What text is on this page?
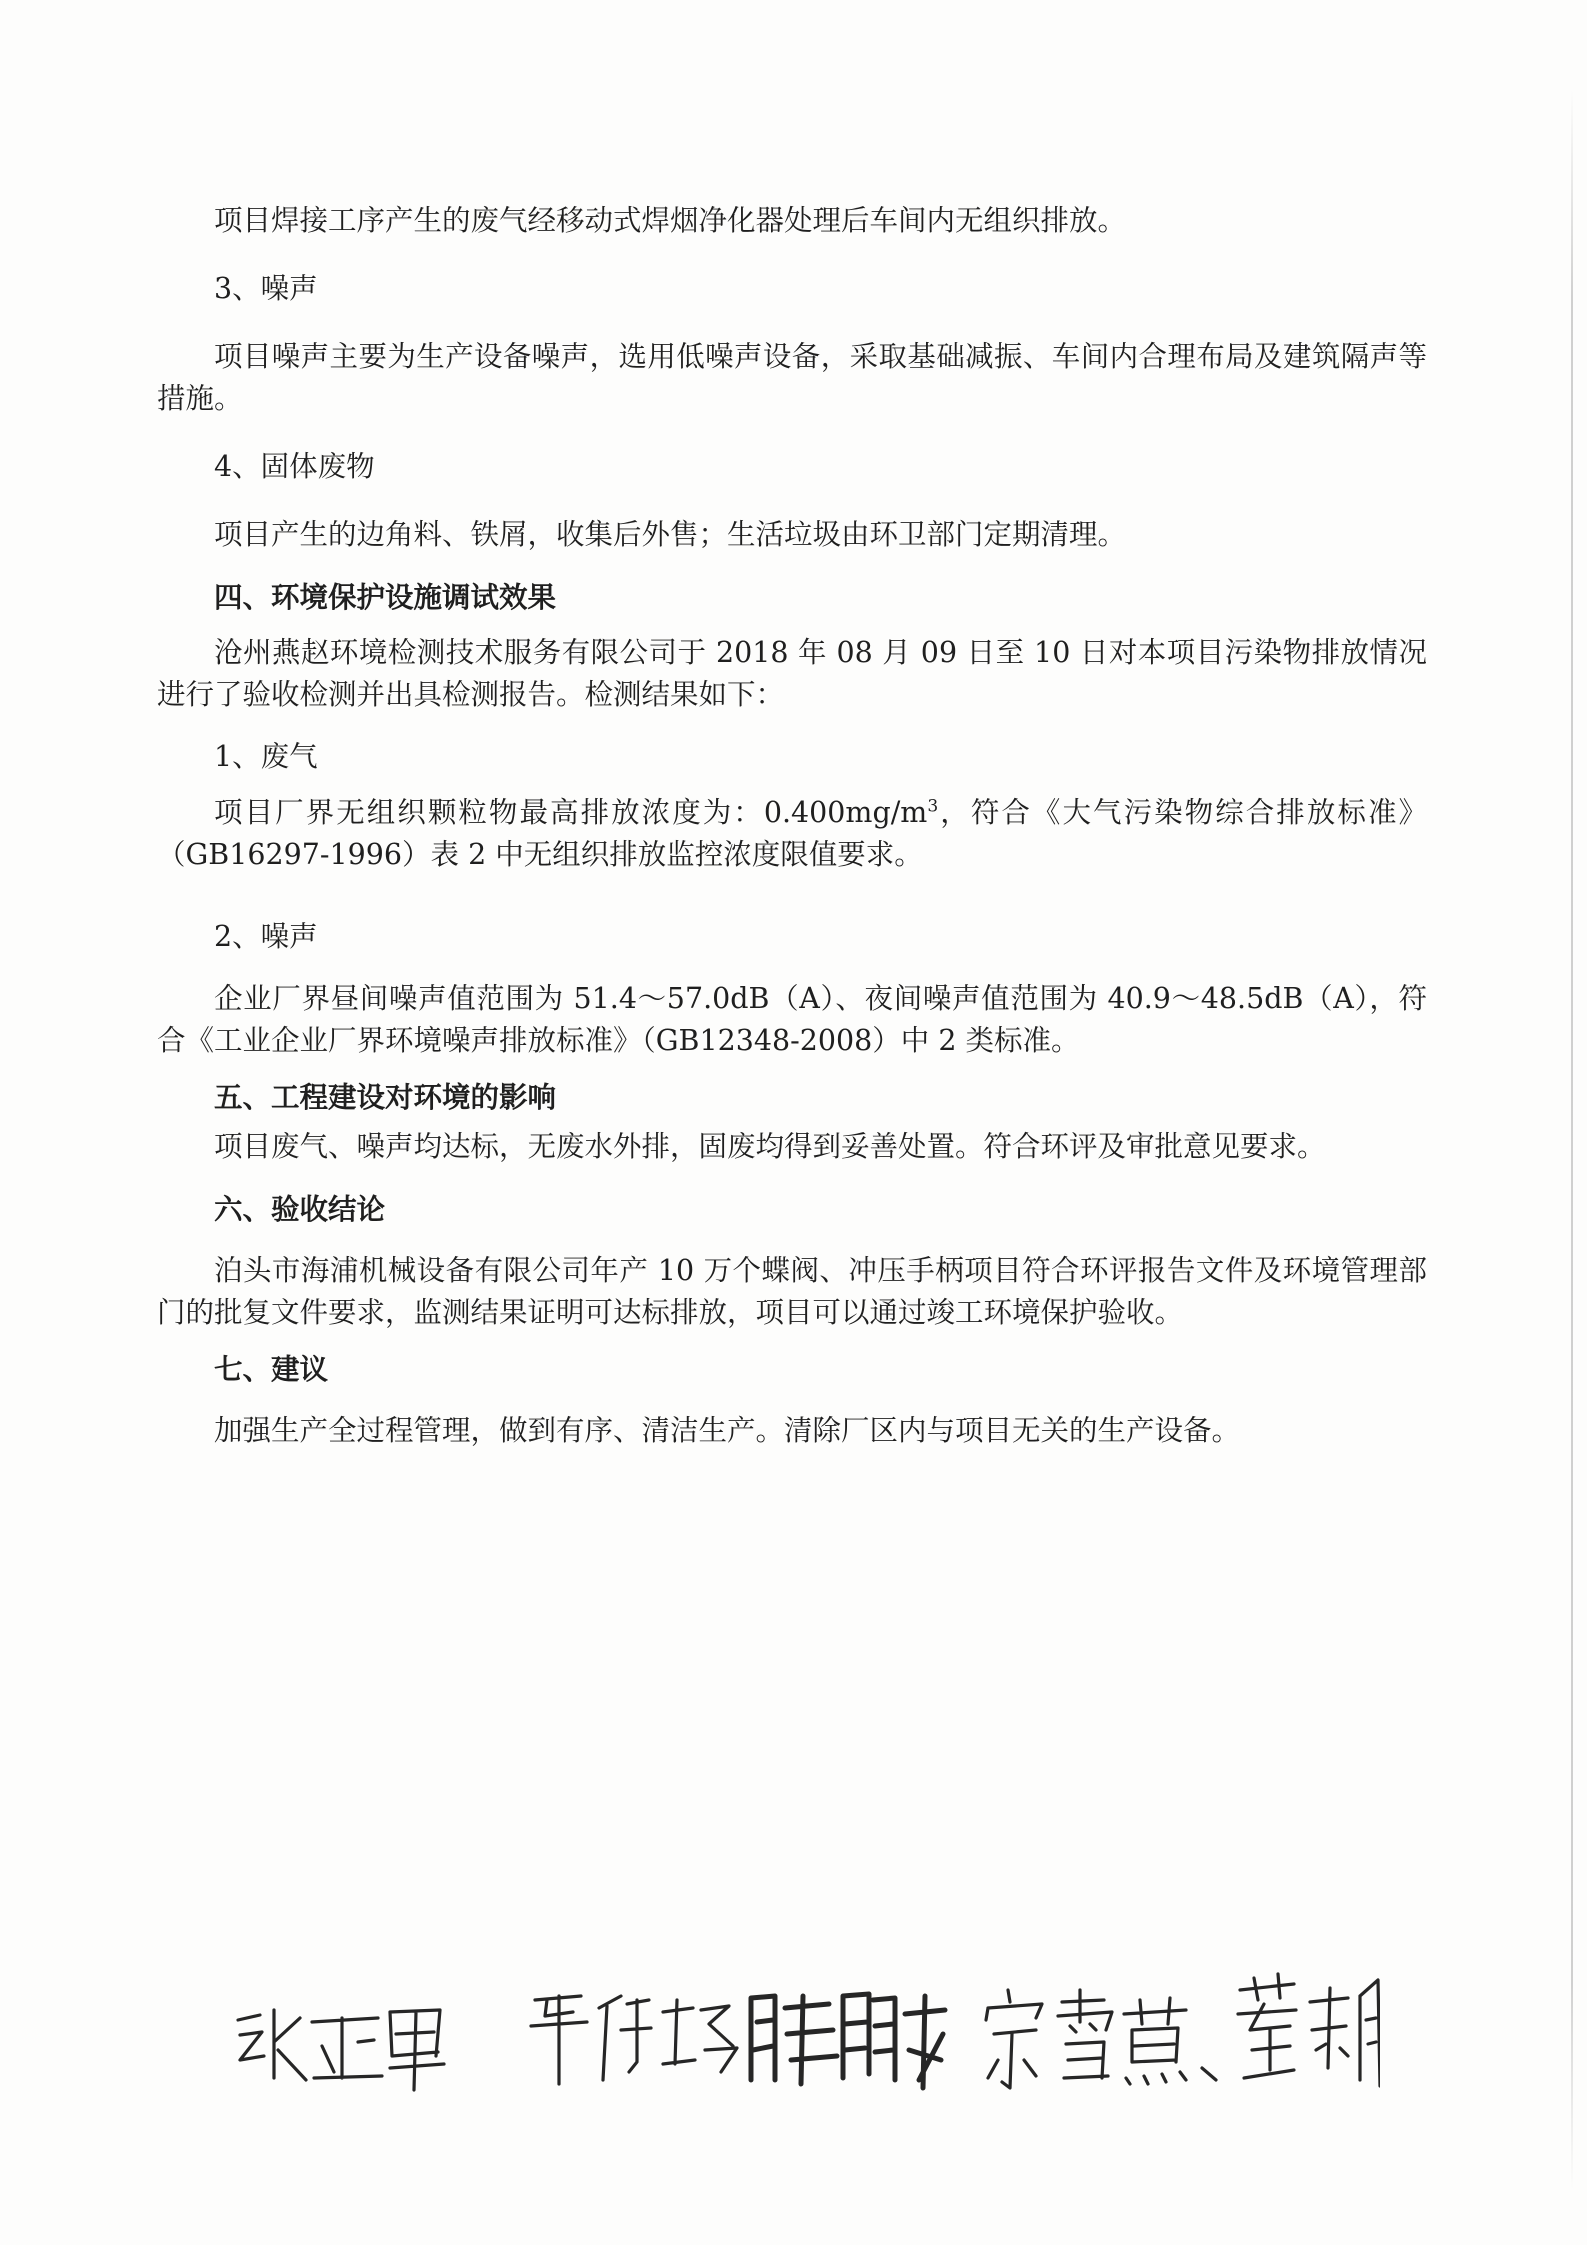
项目焊接工序产生的废气经移动式焊烟净化器处理后车间内无组织排放。

3、噪声

项目噪声主要为生产设备噪声，选用低噪声设备，采取基础减振、车间内合理布局及建筑隔声等措施。

4、固体废物

项目产生的边角料、铁屑，收集后外售；生活垃圾由环卫部门定期清理。

四、环境保护设施调试效果

沧州燕赵环境检测技术服务有限公司于 2018 年 08 月 09 日至 10 日对本项目污染物排放情况进行了验收检测并出具检测报告。检测结果如下：

1、废气

项目厂界无组织颗粒物最高排放浓度为：$0.400mg/m^3$，符合《大气污染物综合排放标准》（GB16297-1996）表 2 中无组织排放监控浓度限值要求。

2、噪声

企业厂界昼间噪声值范围为 51.4～57.0dB（A）、夜间噪声值范围为 40.9～48.5dB（A），符合《工业企业厂界环境噪声排放标准》（GB12348-2008）中 2 类标准。

五、工程建设对环境的影响

项目废气、噪声均达标，无废水外排，固废均得到妥善处置。符合环评及审批意见要求。

六、验收结论

泊头市海浦机械设备有限公司年产 10 万个蝶阀、冲压手柄项目符合环评报告文件及环境管理部门的批复文件要求，监测结果证明可达标排放，项目可以通过竣工环境保护验收。

七、建议

加强生产全过程管理，做到有序、清洁生产。清除厂区内与项目无关的生产设备。
